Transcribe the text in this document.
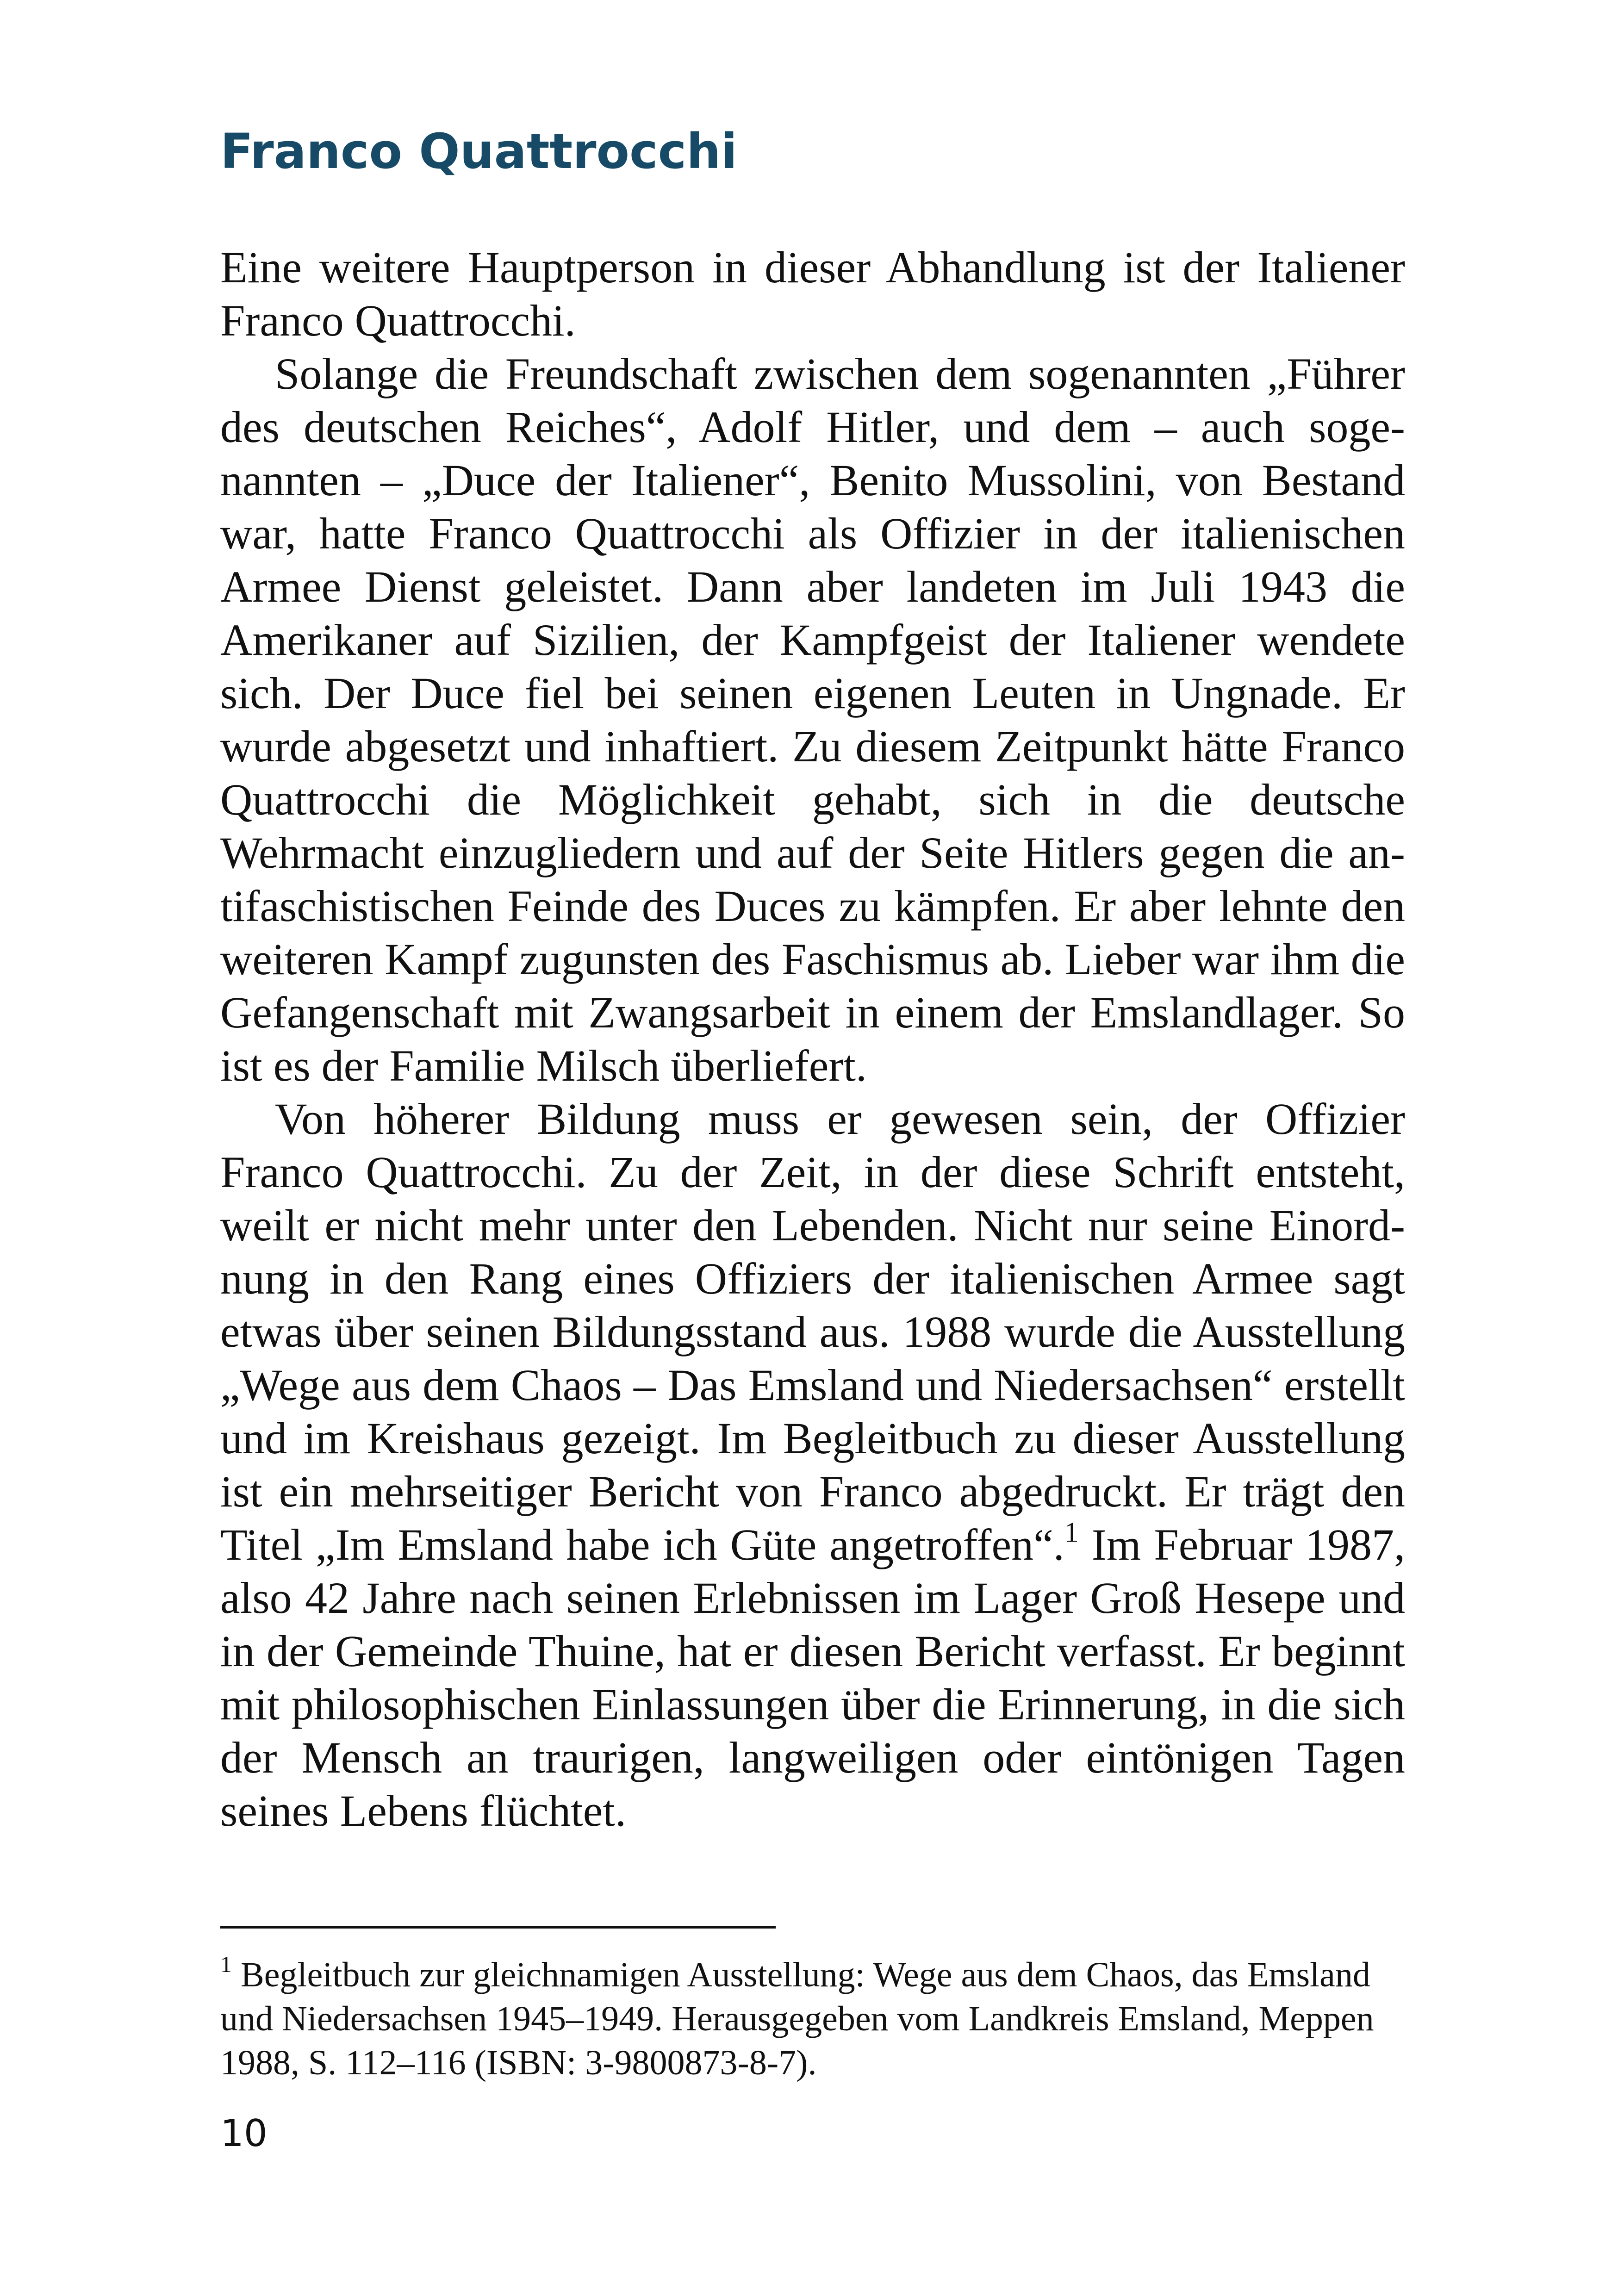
Franco Quattrocchi

Eine weitere Hauptperson in dieser Abhandlung ist der Italiener Franco Quattrocchi.

Solange die Freundschaft zwischen dem sogenannten „Führer des deutschen Reiches“, Adolf Hitler, und dem – auch sogenannten – „Duce der Italiener“, Benito Mussolini, von Bestand war, hatte Franco Quattrocchi als Offizier in der italienischen Armee Dienst geleistet. Dann aber landeten im Juli 1943 die Amerikaner auf Sizilien, der Kampfgeist der Italiener wendete sich. Der Duce fiel bei seinen eigenen Leuten in Ungnade. Er wurde abgesetzt und inhaftiert. Zu diesem Zeitpunkt hätte Franco Quattrocchi die Möglichkeit gehabt, sich in die deutsche Wehrmacht einzugliedern und auf der Seite Hitlers gegen die antifaschistischen Feinde des Duces zu kämpfen. Er aber lehnte den weiteren Kampf zugunsten des Faschismus ab. Lieber war ihm die Gefangenschaft mit Zwangsarbeit in einem der Emslandlager. So ist es der Familie Milsch überliefert.

Von höherer Bildung muss er gewesen sein, der Offizier Franco Quattrocchi. Zu der Zeit, in der diese Schrift entsteht, weilt er nicht mehr unter den Lebenden. Nicht nur seine Einordnung in den Rang eines Offiziers der italienischen Armee sagt etwas über seinen Bildungsstand aus. 1988 wurde die Ausstellung „Wege aus dem Chaos – Das Emsland und Niedersachsen“ erstellt und im Kreishaus gezeigt. Im Begleitbuch zu dieser Ausstellung ist ein mehrseitiger Bericht von Franco abgedruckt. Er trägt den Titel „Im Emsland habe ich Güte angetroffen“.$^1$ Im Februar 1987, also 42 Jahre nach seinen Erlebnissen im Lager Groß Hesepe und in der Gemeinde Thuine, hat er diesen Bericht verfasst. Er beginnt mit philosophischen Einlassungen über die Erinnerung, in die sich der Mensch an traurigen, langweiligen oder eintönigen Tagen seines Lebens flüchtet.

$^1$ Begleitbuch zur gleichnamigen Ausstellung: Wege aus dem Chaos, das Emsland und Niedersachsen 1945–1949. Herausgegeben vom Landkreis Emsland, Meppen 1988, S. 112–116 (ISBN: 3-9800873-8-7).

10
